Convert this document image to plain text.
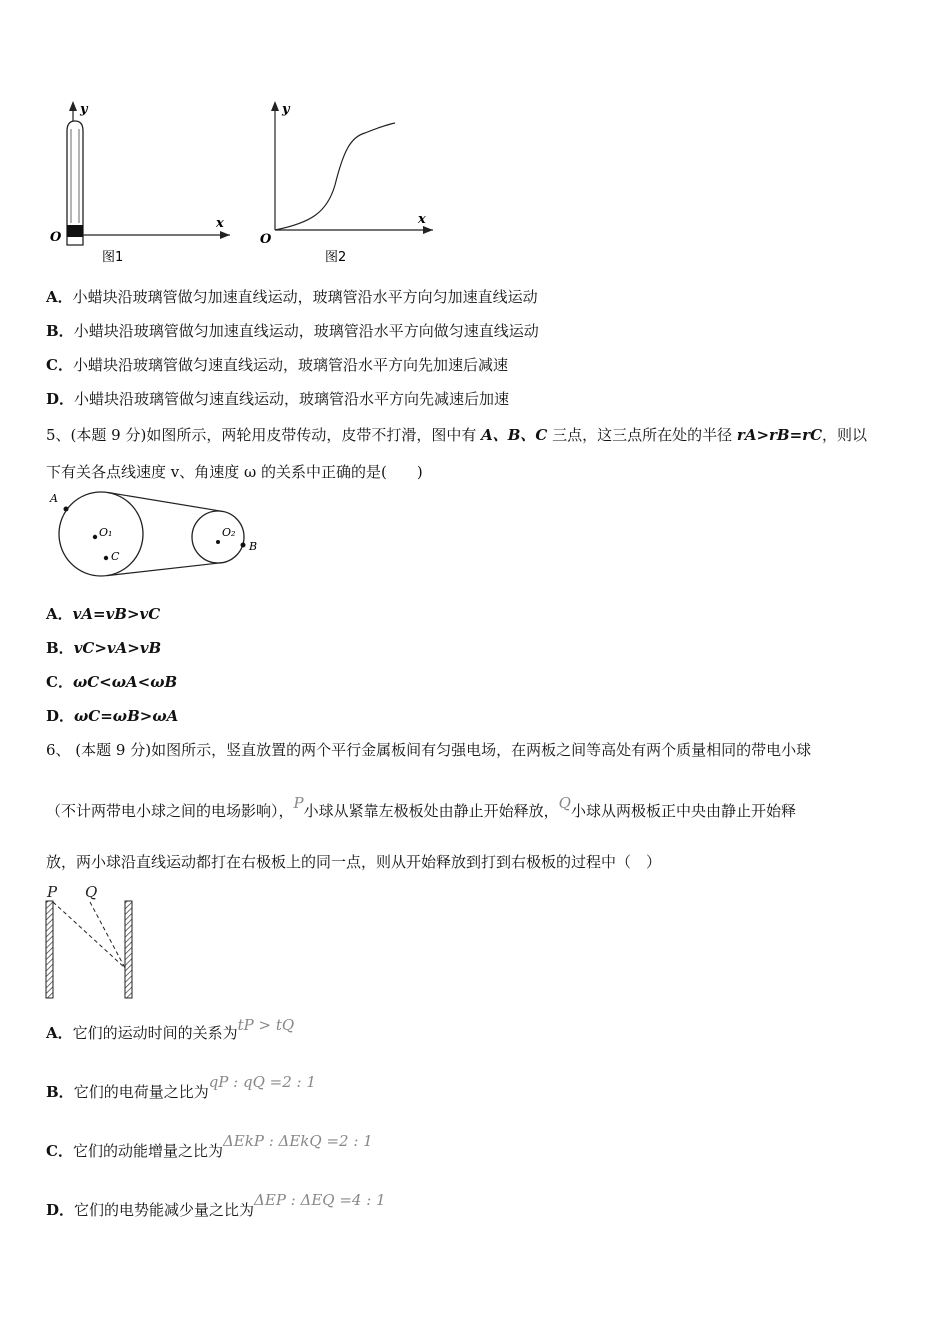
y
x
O
图1
y
x
O
图2
A．小蜡块沿玻璃管做匀加速直线运动，玻璃管沿水平方向匀加速直线运动
B．小蜡块沿玻璃管做匀加速直线运动，玻璃管沿水平方向做匀速直线运动
C．小蜡块沿玻璃管做匀速直线运动，玻璃管沿水平方向先加速后减速
D．小蜡块沿玻璃管做匀速直线运动，玻璃管沿水平方向先减速后加速
5、(本题 9 分)如图所示，两轮用皮带传动，皮带不打滑，图中有 A、B、C 三点，这三点所在处的半径 rA>rB=rC，则以
下有关各点线速度 v、角速度 ω 的关系中正确的是(　　)
A
O₁
C
O₂
B
A．vA=vB>vC
B．vC>vA>vB
C．ωC<ωA<ωB
D．ωC=ωB>ωA
6、 (本题 9 分)如图所示，竖直放置的两个平行金属板间有匀强电场，在两板之间等高处有两个质量相同的带电小球
（不计两带电小球之间的电场影响），P小球从紧靠左极板处由静止开始释放，Q小球从两极板正中央由静止开始释
放，两小球沿直线运动都打在右极板上的同一点，则从开始释放到打到右极板的过程中（　）
P Q
A．它们的运动时间的关系为tP > tQ
B．它们的电荷量之比为qP : qQ =2 : 1
C．它们的动能增量之比为ΔEkP : ΔEkQ =2 : 1
D．它们的电势能减少量之比为ΔEP : ΔEQ =4 : 1
